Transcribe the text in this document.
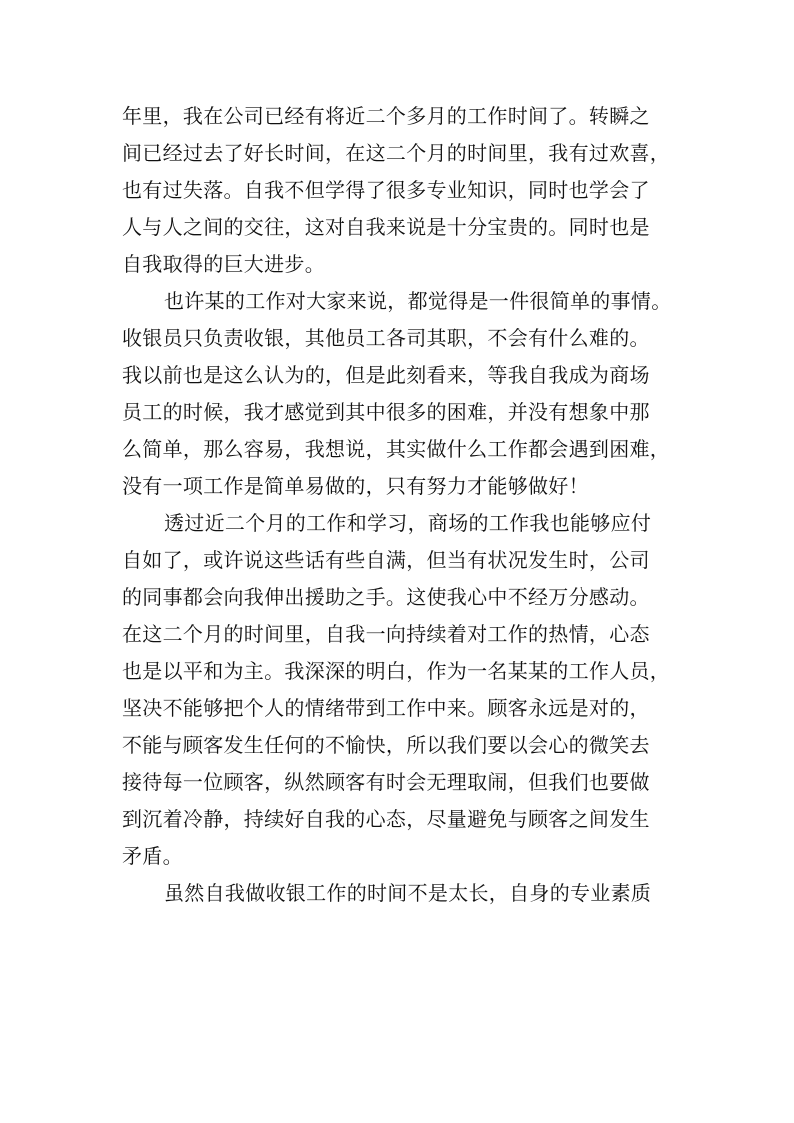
年里，我在公司已经有将近二个多月的工作时间了。转瞬之
间已经过去了好长时间，在这二个月的时间里，我有过欢喜，
也有过失落。自我不但学得了很多专业知识，同时也学会了
人与人之间的交往，这对自我来说是十分宝贵的。同时也是
自我取得的巨大进步。
也许某的工作对大家来说，都觉得是一件很简单的事情。
收银员只负责收银，其他员工各司其职，不会有什么难的。
我以前也是这么认为的，但是此刻看来，等我自我成为商场
员工的时候，我才感觉到其中很多的困难，并没有想象中那
么简单，那么容易，我想说，其实做什么工作都会遇到困难，
没有一项工作是简单易做的，只有努力才能够做好！
透过近二个月的工作和学习，商场的工作我也能够应付
自如了，或许说这些话有些自满，但当有状况发生时，公司
的同事都会向我伸出援助之手。这使我心中不经万分感动。
在这二个月的时间里，自我一向持续着对工作的热情，心态
也是以平和为主。我深深的明白，作为一名某某的工作人员，
坚决不能够把个人的情绪带到工作中来。顾客永远是对的，
不能与顾客发生任何的不愉快，所以我们要以会心的微笑去
接待每一位顾客，纵然顾客有时会无理取闹，但我们也要做
到沉着冷静，持续好自我的心态，尽量避免与顾客之间发生
矛盾。
虽然自我做收银工作的时间不是太长，自身的专业素质
